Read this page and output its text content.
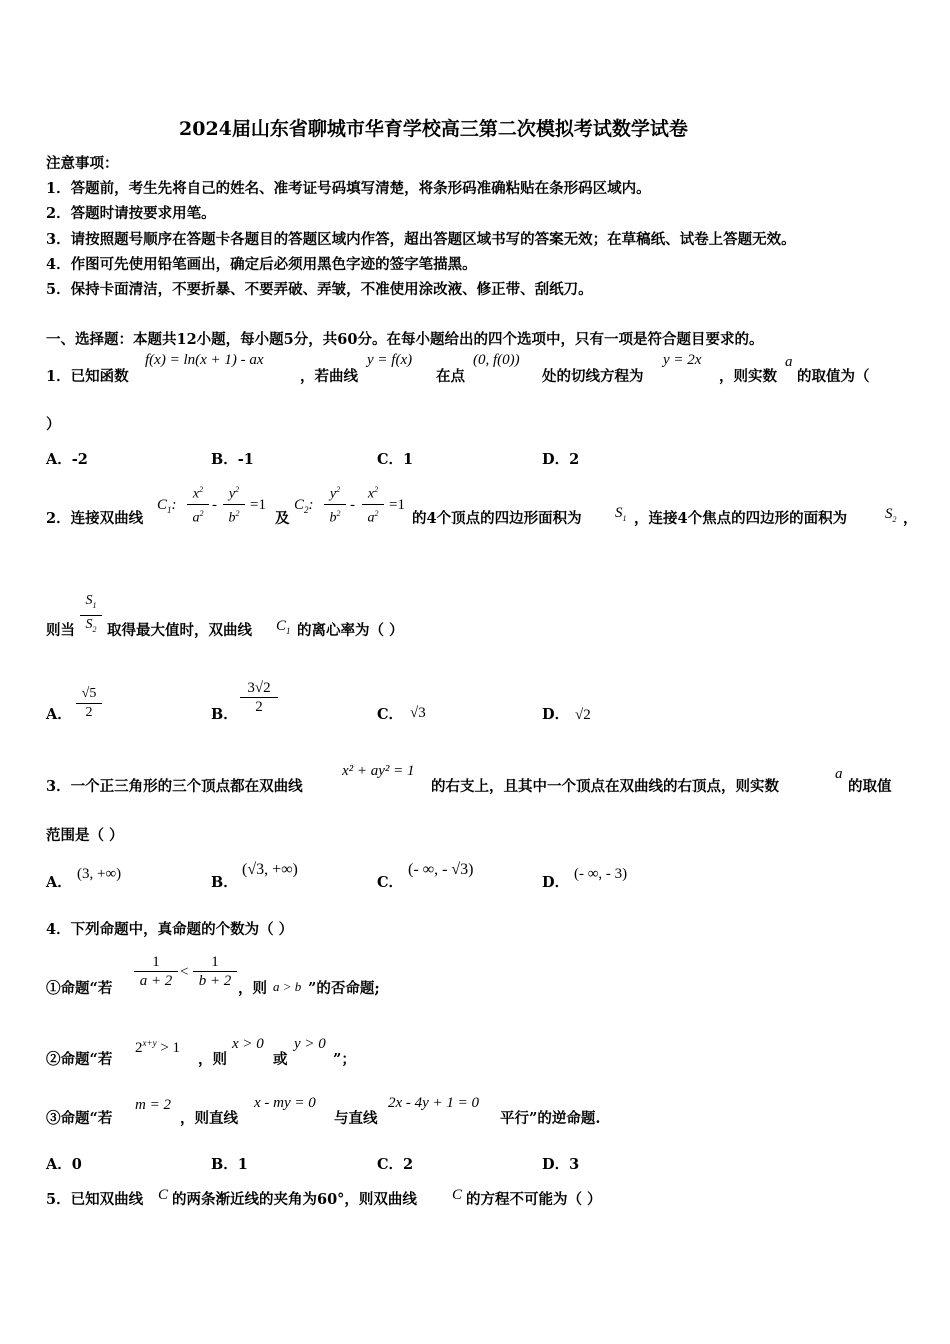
2024届山东省聊城市华育学校高三第二次模拟考试数学试卷
注意事项：
1．答题前，考生先将自己的姓名、准考证号码填写清楚，将条形码准确粘贴在条形码区域内。
2．答题时请按要求用笔。
3．请按照题号顺序在答题卡各题目的答题区域内作答，超出答题区域书写的答案无效；在草稿纸、试卷上答题无效。
4．作图可先使用铅笔画出，确定后必须用黑色字迹的签字笔描黑。
5．保持卡面清洁，不要折暴、不要弄破、弄皱，不准使用涂改液、修正带、刮纸刀。
一、选择题：本题共12小题，每小题5分，共60分。在每小题给出的四个选项中，只有一项是符合题目要求的。
1．已知函数
f(x) = ln(x + 1) - ax
，若曲线
y = f(x)
在点
(0, f(0))
处的切线方程为
y = 2x
，则实数
a
的取值为（
）
A．-2	B．-1	C．1	D．2
2．连接双曲线
$C_1$:
$x^2$
$a^2$
-
$y^2$
$b^2$
=1
及
$C_2$:
$y^2$
$b^2$
-
$x^2$
$a^2$
=1
的4个顶点的四边形面积为 $S_1$ ，连接4个焦点的四边形的面积为	$S_2$ ，
则当
$S_1$
$S_2$ 取得最大值时，双曲线 $C_1$ 的离心率为（ ）
A．
√5
2	B．
3√2
2	C． √3	D． √2
3．一个正三角形的三个顶点都在双曲线
x² + ay² = 1
的右支上，且其中一个顶点在双曲线的右顶点，则实数
a
的取值
范围是（ ）
A． (3, +∞)	B．
(√3, +∞)
C．
(- ∞, - √3)
D． (- ∞, - 3)
4．下列命题中，真命题的个数为（ ）
①命题“若
1
a + 2
<
1
b + 2 ，则 a > b ”的否命题;
②命题“若
$2^{x+y} > 1$
，则
x > 0
或
y > 0
”；
③命题“若
m = 2
，则直线
x - my = 0
与直线
2x - 4y + 1 = 0
平行”的逆命题.
A．0	B．1	C．2	D．3
5．已知双曲线 C 的两条渐近线的夹角为60°，则双曲线 C 的方程不可能为（ ）
